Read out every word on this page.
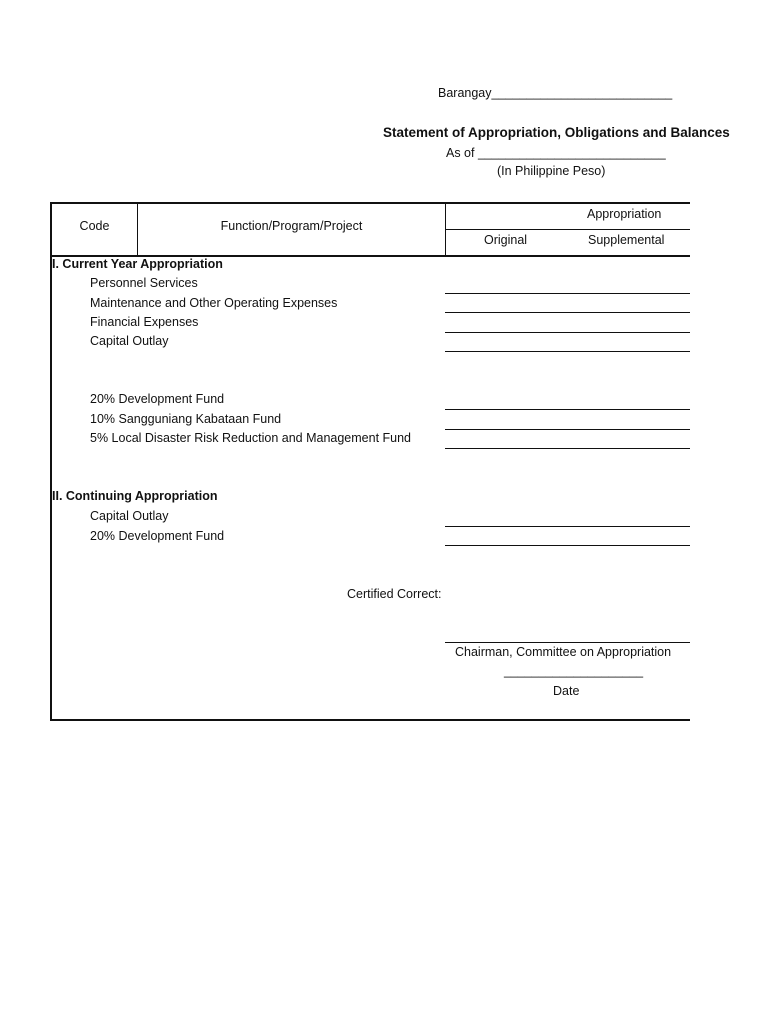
Barangay__________________________
Statement of Appropriation, Obligations and Balances
As of ___________________________
(In Philippine Peso)
Code	Function/Program/Project
Appropriation
Original	Supplemental
I. Current Year Appropriation
Personnel Services
Maintenance and Other Operating Expenses
Financial Expenses
Capital Outlay
20% Development Fund
10% Sangguniang Kabataan Fund
5% Local Disaster Risk Reduction and Management Fund
II. Continuing Appropriation
Capital Outlay
20% Development Fund
Certified Correct:
Chairman, Committee on Appropriation
____________________
Date
